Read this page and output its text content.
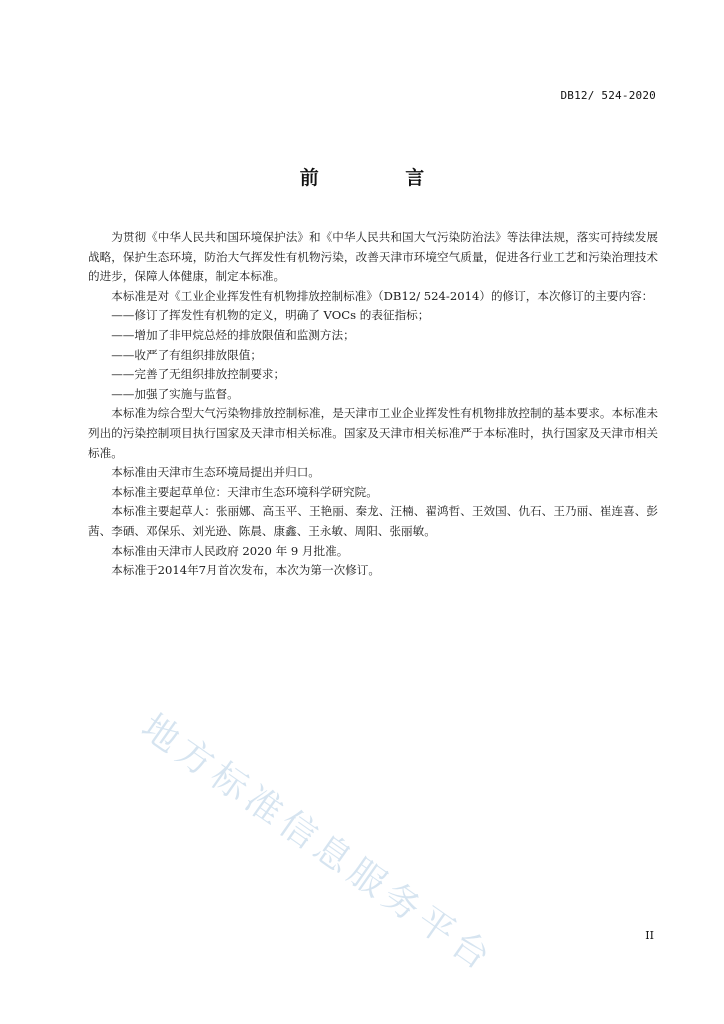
DB12/ 524-2020
前 言

为贯彻《中华人民共和国环境保护法》和《中华人民共和国大气污染防治法》等法律法规，落实可持续发展战略，保护生态环境，防治大气挥发性有机物污染，改善天津市环境空气质量，促进各行业工艺和污染治理技术的进步，保障人体健康，制定本标准。

本标准是对《工业企业挥发性有机物排放控制标准》（DB12/ 524-2014）的修订，本次修订的主要内容：

——修订了挥发性有机物的定义，明确了 VOCs 的表征指标；

——增加了非甲烷总烃的排放限值和监测方法；

——收严了有组织排放限值；

——完善了无组织排放控制要求；

——加强了实施与监督。

本标准为综合型大气污染物排放控制标准，是天津市工业企业挥发性有机物排放控制的基本要求。本标准未列出的污染控制项目执行国家及天津市相关标准。国家及天津市相关标准严于本标准时，执行国家及天津市相关标准。

本标准由天津市生态环境局提出并归口。

本标准主要起草单位：天津市生态环境科学研究院。

本标准主要起草人：张丽娜、高玉平、王艳丽、秦龙、汪楠、翟鸿哲、王效国、仇石、王乃丽、崔连喜、彭茜、李硒、邓保乐、刘光逊、陈晨、康鑫、王永敏、周阳、张丽敏。

本标准由天津市人民政府 2020 年 9 月批准。

本标准于2014年7月首次发布，本次为第一次修订。

地方标准信息服务平台	II
